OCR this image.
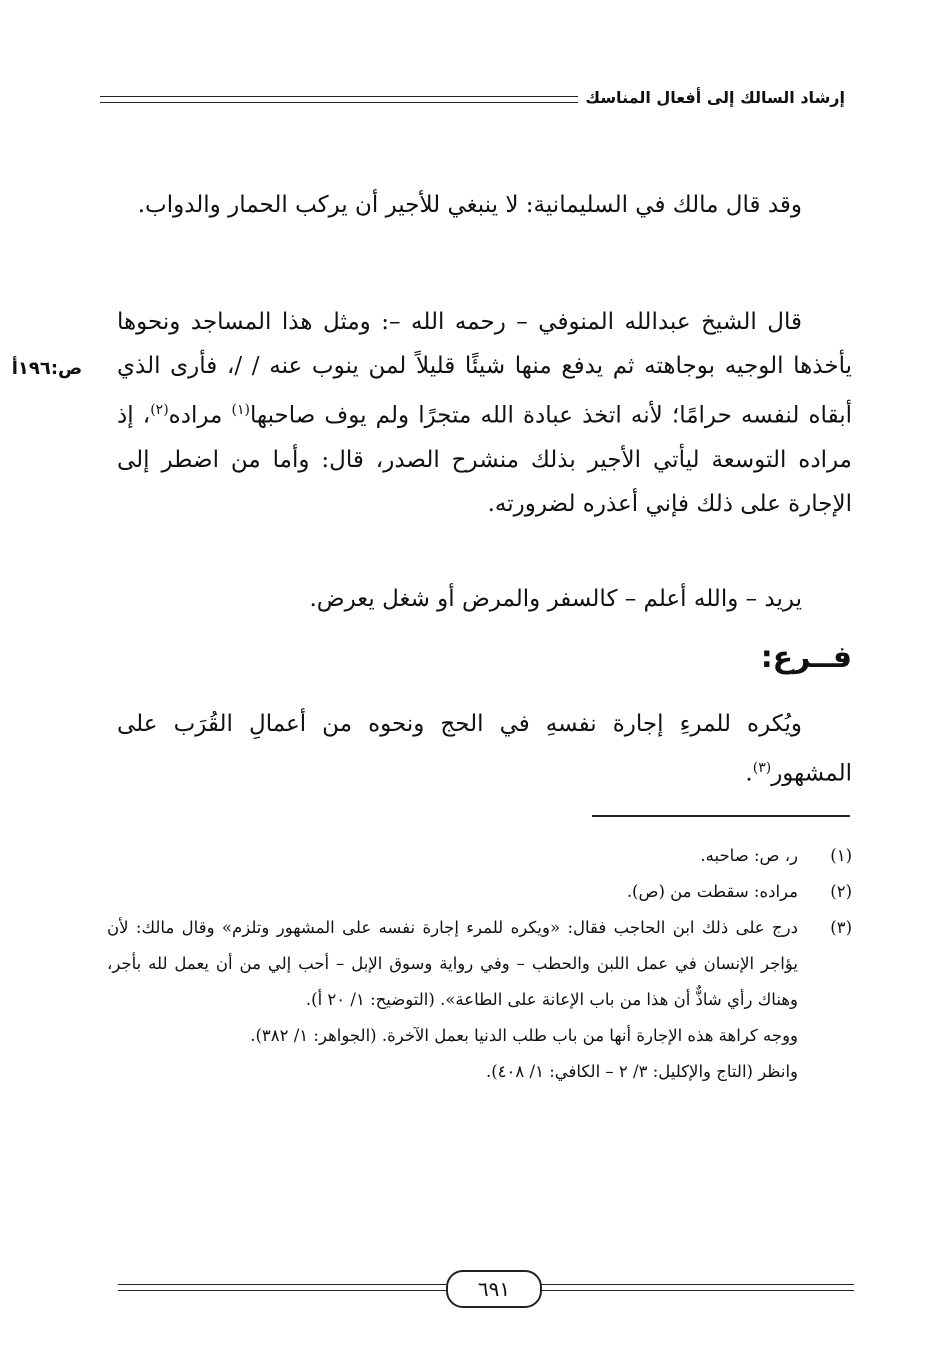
إرشاد السالك إلى أفعال المناسك

وقد قال مالك في السليمانية: لا ينبغي للأجير أن يركب الحمار والدواب.

ص:١٩٦أ

قال الشيخ عبدالله المنوفي – رحمه الله –: ومثل هذا المساجد ونحوها يأخذها الوجيه بوجاهته ثم يدفع منها شيئًا قليلاً لمن ينوب عنه / /، فأرى الذي أبقاه لنفسه حرامًا؛ لأنه اتخذ عبادة الله متجرًا ولم يوف صاحبها$^{(١)}$ مراده$^{(٢)}$، إذ مراده التوسعة ليأتي الأجير بذلك منشرح الصدر، قال: وأما من اضطر إلى الإجارة على ذلك فإني أعذره لضرورته.

يريد – والله أعلم – كالسفر والمرض أو شغل يعرض.

فــرع:

ويُكره للمرءِ إجارة نفسهِ في الحج ونحوه من أعمالِ القُرَب على المشهور$^{(٣)}$.

(١)
ر، ص: صاحبه.
(٢)
مراده: سقطت من (ص).
(٣)
درج على ذلك ابن الحاجب فقال: «ويكره للمرء إجارة نفسه على المشهور وتلزم» وقال مالك: لأن يؤاجر الإنسان في عمل اللبن والحطب – وفي رواية وسوق الإبل – أحب إلي من أن يعمل لله بأجر، وهناك رأي شاذٌّ أن هذا من باب الإعانة على الطاعة». (التوضيح: ١/ ٢٠ أ).
ووجه كراهة هذه الإجارة أنها من باب طلب الدنيا بعمل الآخرة. (الجواهر: ١/ ٣٨٢).
وانظر (التاج والإكليل: ٣/ ٢ – الكافي: ١/ ٤٠٨).
٦٩١
